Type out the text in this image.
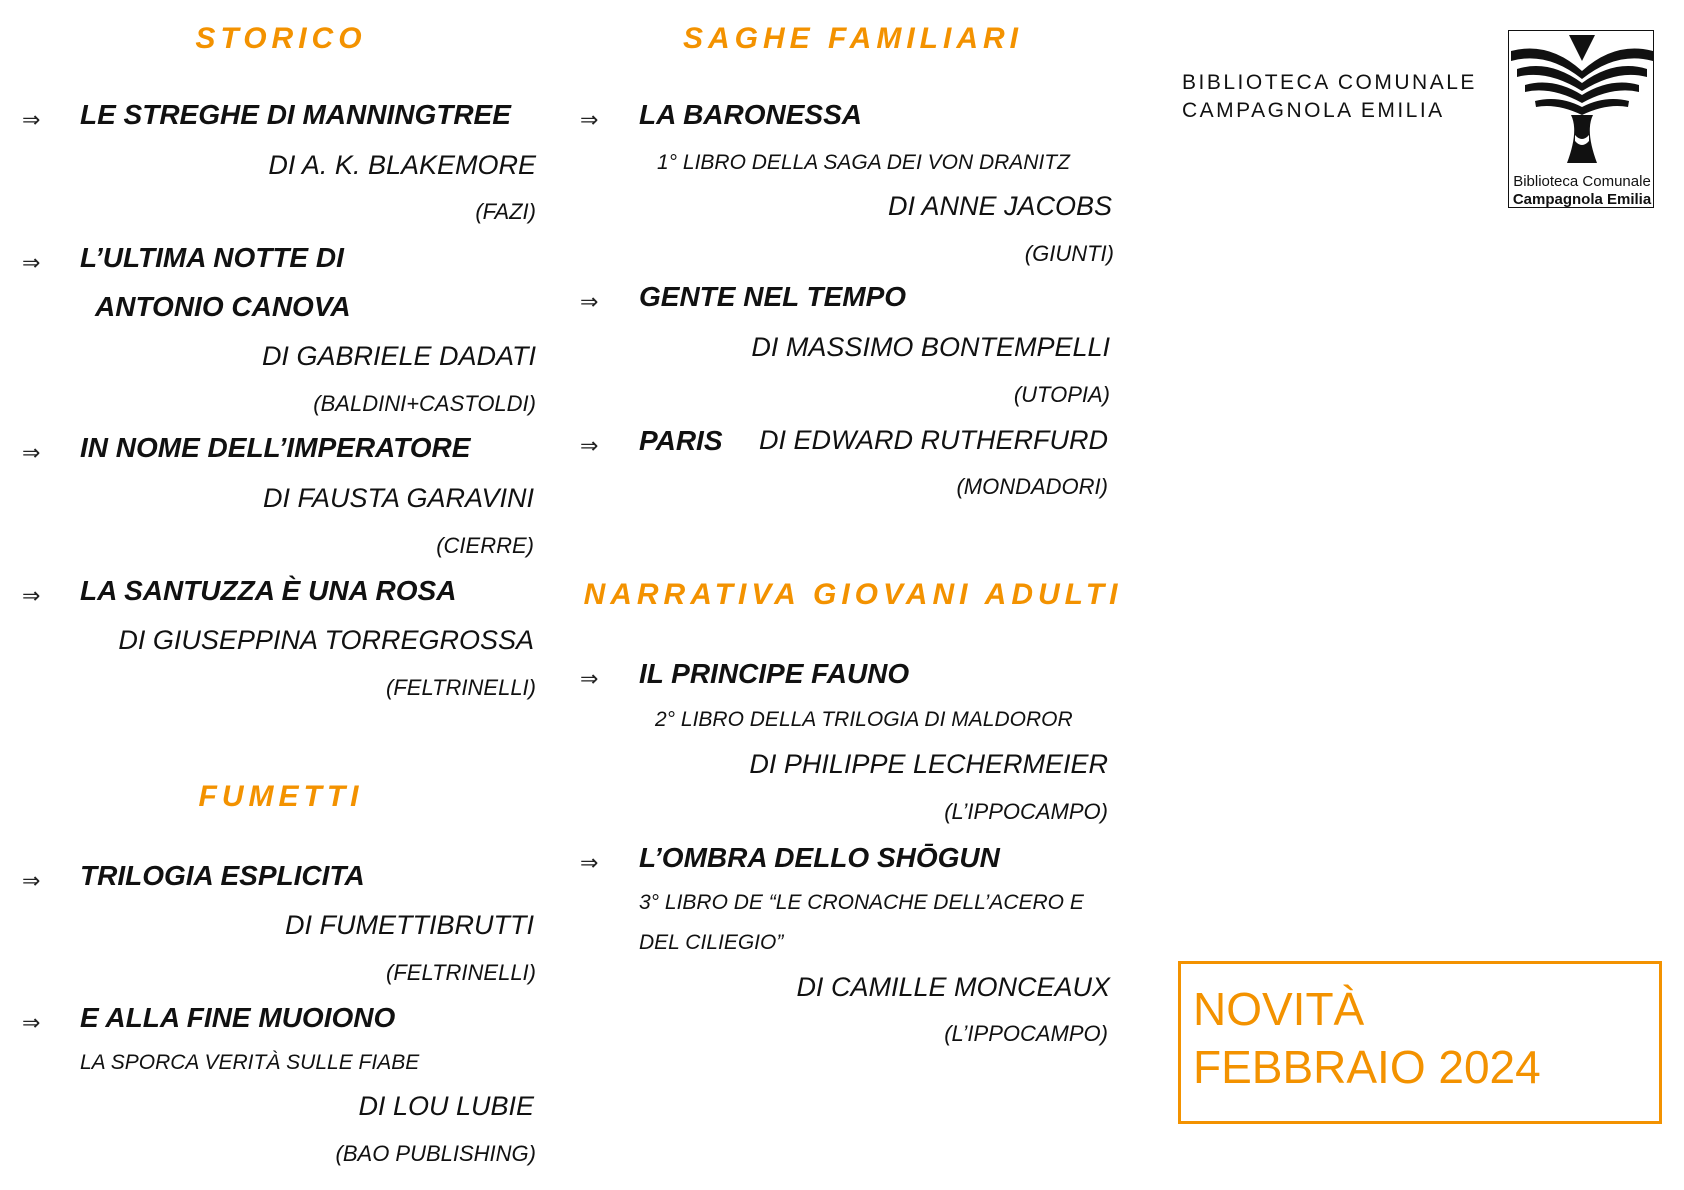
STORICO
⇒ LE STREGHE DI MANNINGTREE
DI A. K. BLAKEMORE
(FAZI)
⇒ L’ULTIMA NOTTE DI
ANTONIO CANOVA
DI GABRIELE DADATI
(BALDINI+CASTOLDI)
⇒ IN NOME DELL’IMPERATORE
DI FAUSTA GARAVINI
(CIERRE)
⇒ LA SANTUZZA È UNA ROSA
DI GIUSEPPINA TORREGROSSA
(FELTRINELLI)
FUMETTI
⇒ TRILOGIA ESPLICITA
DI FUMETTIBRUTTI
(FELTRINELLI)
⇒ E ALLA FINE MUOIONO
LA SPORCA VERITÀ SULLE FIABE
DI LOU LUBIE
(BAO PUBLISHING)
SAGHE FAMILIARI
⇒ LA BARONESSA
1° LIBRO DELLA SAGA DEI VON DRANITZ
DI ANNE JACOBS
(GIUNTI)
⇒ GENTE NEL TEMPO
DI MASSIMO BONTEMPELLI
(UTOPIA)
⇒ PARIS DI EDWARD RUTHERFURD
(MONDADORI)
NARRATIVA GIOVANI ADULTI
⇒ IL PRINCIPE FAUNO
2° LIBRO DELLA TRILOGIA DI MALDOROR
DI PHILIPPE LECHERMEIER
(L’IPPOCAMPO)
⇒ L’OMBRA DELLO SHŌGUN
3° LIBRO DE “LE CRONACHE DELL’ACERO E
DEL CILIEGIO”
DI CAMILLE MONCEAUX
(L’IPPOCAMPO)
BIBLIOTECA COMUNALE
CAMPAGNOLA EMILIA
Biblioteca Comunale
Campagnola Emilia
NOVITÀ
FEBBRAIO 2024
